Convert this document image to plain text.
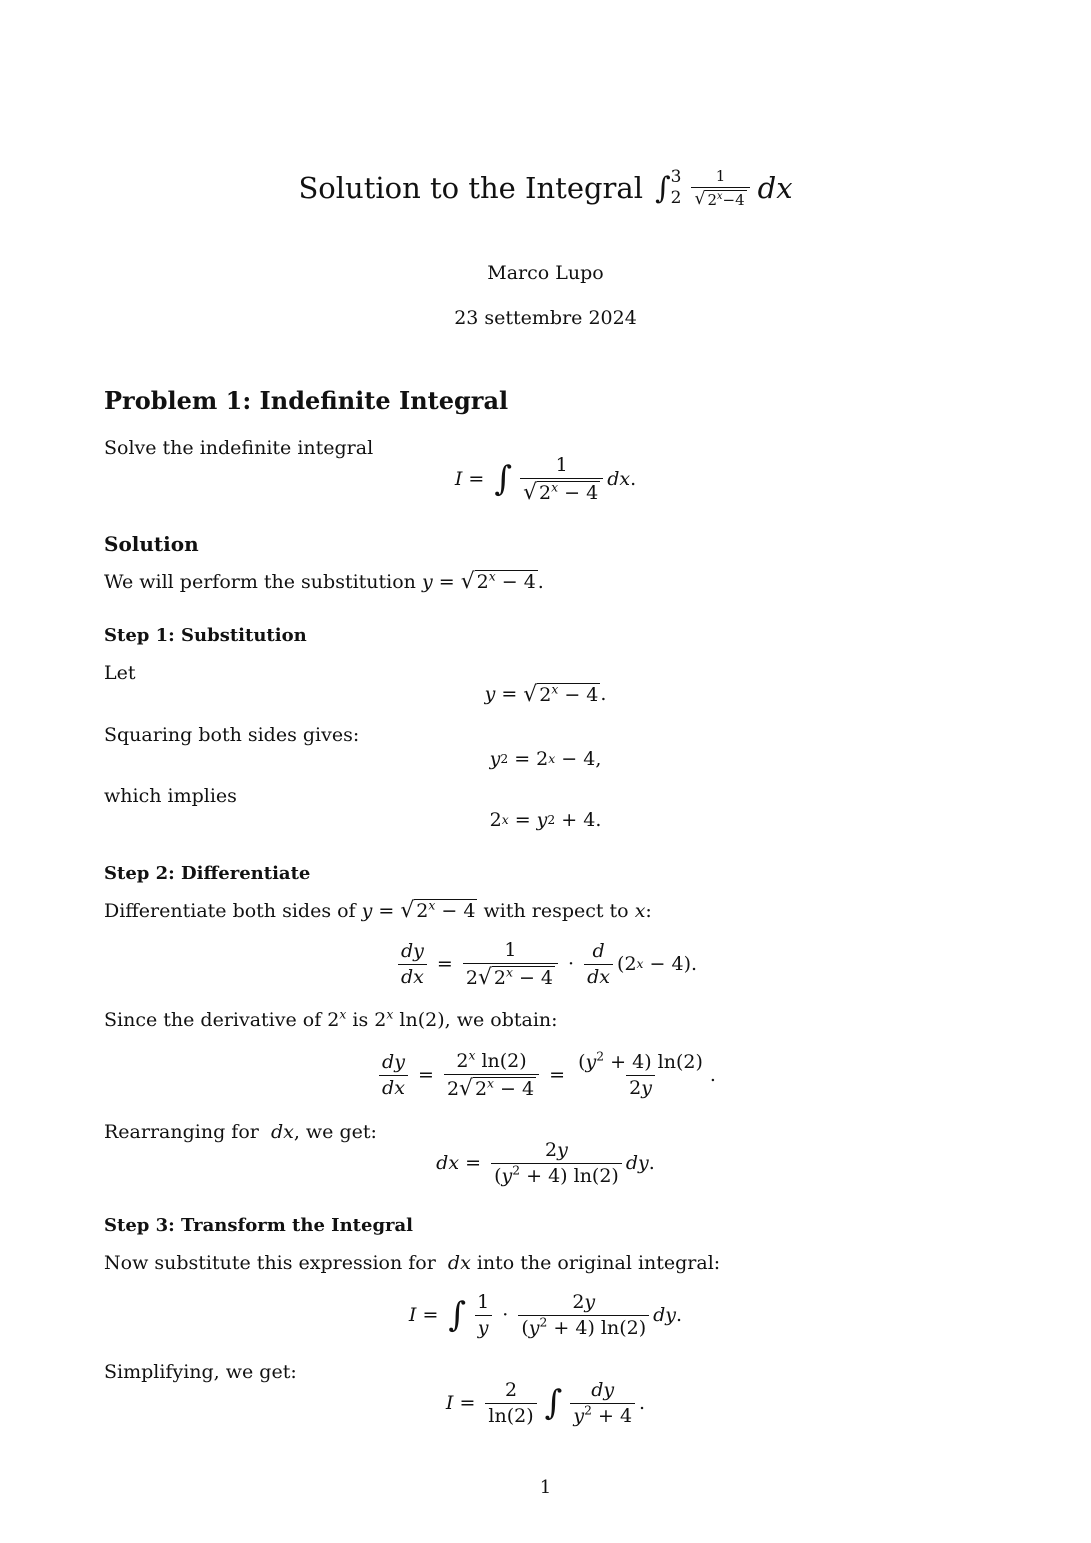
Solution to the Integral ∫ 3
2
1
√ $2^x-4$ dx
Marco Lupo
23 settembre 2024
Problem 1: Indefinite Integral
Solve the indefinite integral
I = ∫ 1
√ $2^x - 4$
dx .
Solution
We will perform the substitution
y = √ $2^x - 4$ .
Step 1: Substitution
Let
y = √ $2^x - 4$ .
Squaring both sides gives:
y 2 = 2 x − 4,
which implies
2 x = y 2 + 4.
Step 2: Differentiate
Differentiate both sides of
y = √ $2^x - 4$
with respect to
x :
dy
dx
=
1
2 √ $2^x - 4$
·
d
dx
(2 x − 4).
Since the derivative of 2$^x$ is 2$^x$ ln(2), we obtain:
dy
dx
=
2$^x$ ln(2)
2 √ $2^x - 4$
=
$(y^2 + 4)$ ln(2)
2y
.
Rearranging for dx, we get:
dx =
2y
$(y^2 + 4)$ ln(2)
dy .
Step 3: Transform the Integral
Now substitute this expression for dx into the original integral:
I = ∫ 1
y
·
2y
$(y^2 + 4)$ ln(2)
dy .
Simplifying, we get:
I =
2
ln(2) ∫ dy
$y^2 + 4$
.
1
